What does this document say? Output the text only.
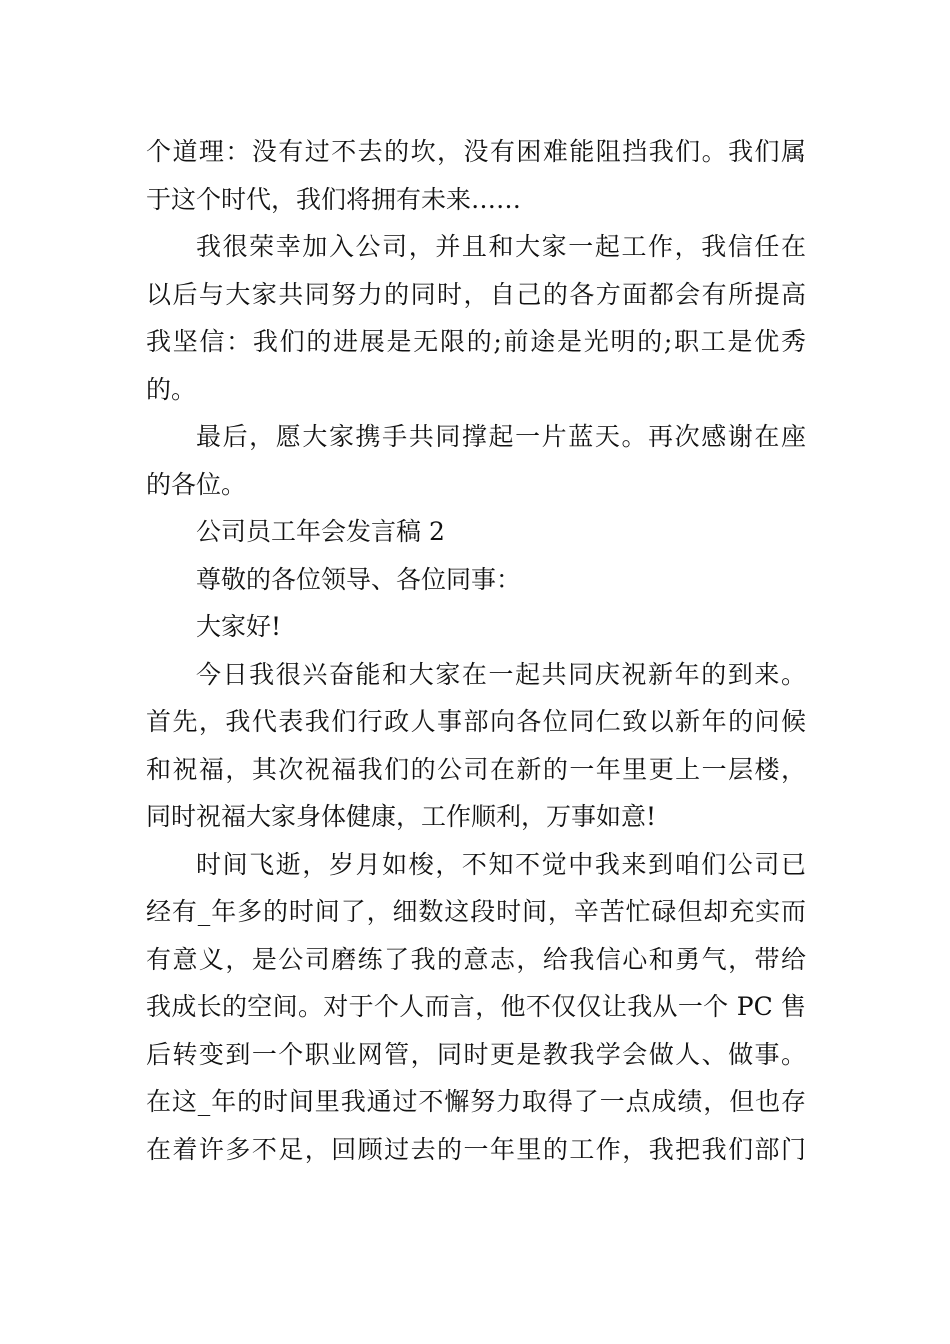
个道理：没有过不去的坎，没有困难能阻挡我们。我们属
于这个时代，我们将拥有未来……
我很荣幸加入公司，并且和大家一起工作，我信任在
以后与大家共同努力的同时，自己的各方面都会有所提高
我坚信：我们的进展是无限的;前途是光明的;职工是优秀
的。
最后，愿大家携手共同撑起一片蓝天。再次感谢在座
的各位。
公司员工年会发言稿 2
尊敬的各位领导、各位同事：
大家好!
今日我很兴奋能和大家在一起共同庆祝新年的到来。
首先，我代表我们行政人事部向各位同仁致以新年的问候
和祝福，其次祝福我们的公司在新的一年里更上一层楼，
同时祝福大家身体健康，工作顺利，万事如意!
时间飞逝，岁月如梭，不知不觉中我来到咱们公司已
经有_年多的时间了，细数这段时间，辛苦忙碌但却充实而
有意义，是公司磨练了我的意志，给我信心和勇气，带给
我成长的空间。对于个人而言，他不仅仅让我从一个 PC 售
后转变到一个职业网管，同时更是教我学会做人、做事。
在这_年的时间里我通过不懈努力取得了一点成绩，但也存
在着许多不足，回顾过去的一年里的工作，我把我们部门
